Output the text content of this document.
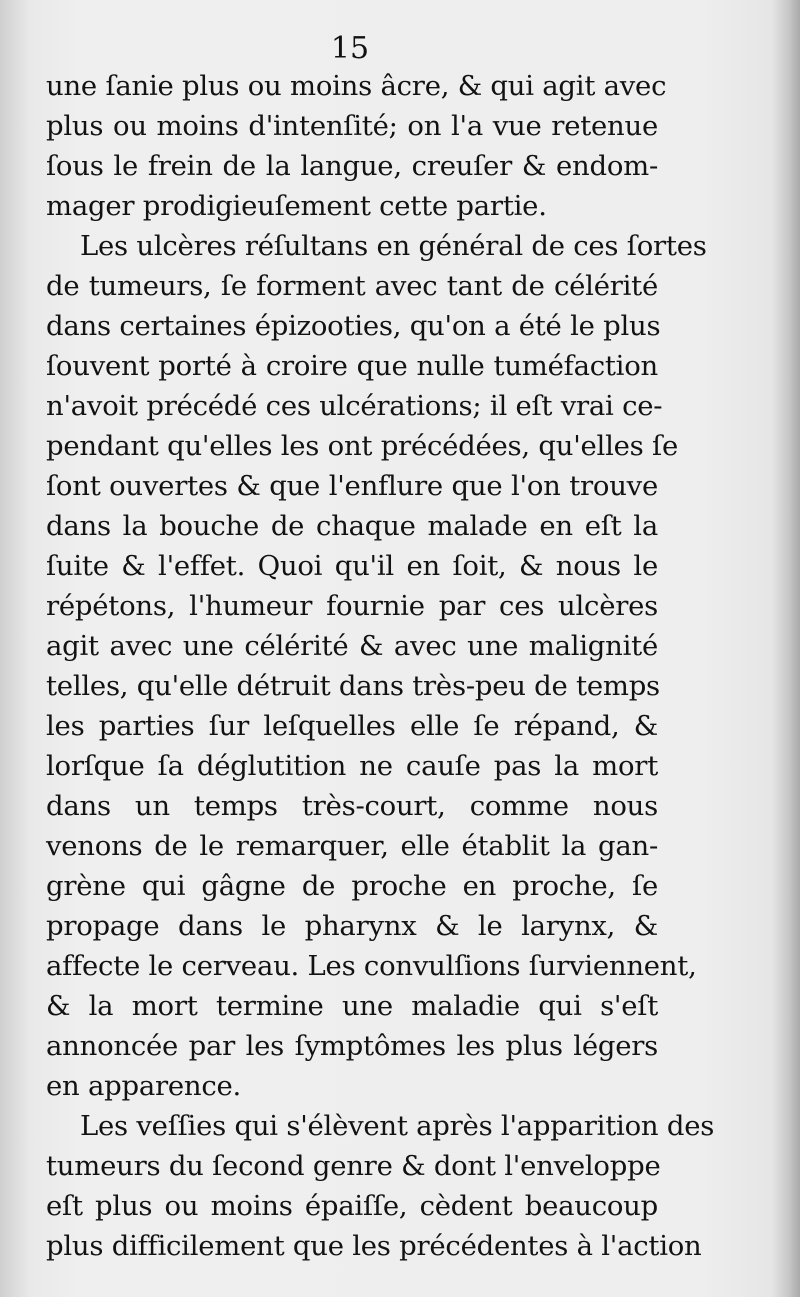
15
une ſanie plus ou moins âcre, & qui agit avec
plus ou moins d'intenſité; on l'a vue retenue
ſous le frein de la langue, creuſer & endom-
mager prodigieuſement cette partie.
Les ulcères réſultans en général de ces ſortes
de tumeurs, ſe forment avec tant de célérité
dans certaines épizooties, qu'on a été le plus
ſouvent porté à croire que nulle tuméfaction
n'avoit précédé ces ulcérations; il eſt vrai ce-
pendant qu'elles les ont précédées, qu'elles ſe
ſont ouvertes & que l'enflure que l'on trouve
dans la bouche de chaque malade en eſt la
ſuite & l'effet. Quoi qu'il en ſoit, & nous le
répétons, l'humeur fournie par ces ulcères
agit avec une célérité & avec une malignité
telles, qu'elle détruit dans très-peu de temps
les parties ſur leſquelles elle ſe répand, &
lorſque ſa déglutition ne cauſe pas la mort
dans un temps très-court, comme nous
venons de le remarquer, elle établit la gan-
grène qui gâgne de proche en proche, ſe
propage dans le pharynx & le larynx, &
affecte le cerveau. Les convulſions ſurviennent,
& la mort termine une maladie qui s'eſt
annoncée par les ſymptômes les plus légers
en apparence.
Les veſſies qui s'élèvent après l'apparition des
tumeurs du ſecond genre & dont l'enveloppe
eſt plus ou moins épaiſſe, cèdent beaucoup
plus difficilement que les précédentes à l'action
